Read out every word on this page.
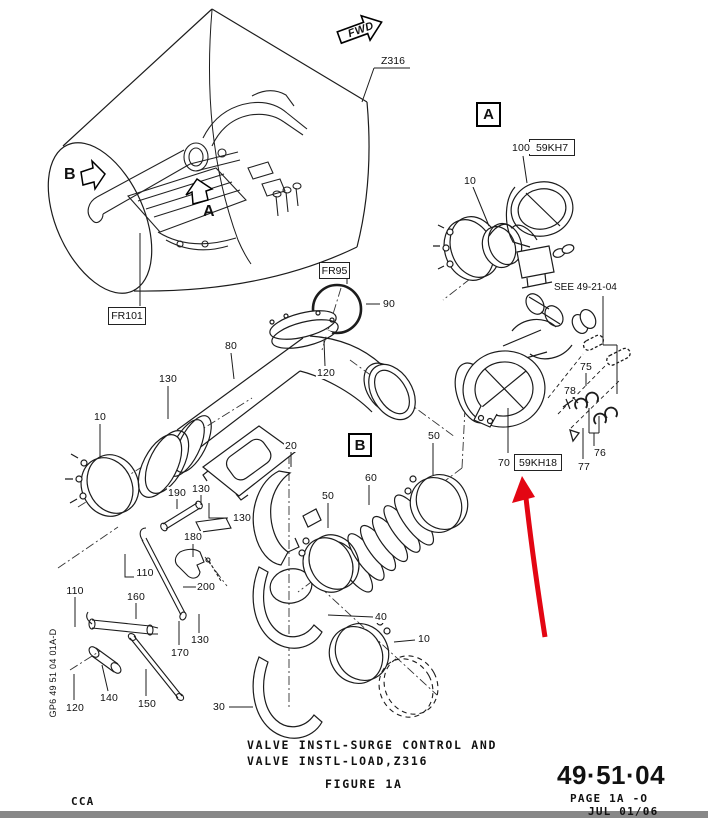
FWD
Z316
B
A
FR101
FR95
A
B
59KH7
59KH18
SEE 49-21-04
GP6 49 51 04 01A-D
100
10
75
78
76
77
70
90
80
130	120
10
190 130
130
20
180
110
200
110	160
170
130
140
120	150	30
40
60
50
50
10
VALVE INSTL-SURGE CONTROL AND
VALVE INSTL-LOAD,Z316
FIGURE 1A	49·51·04
PAGE 1A -O
JUL 01/06
CCA
